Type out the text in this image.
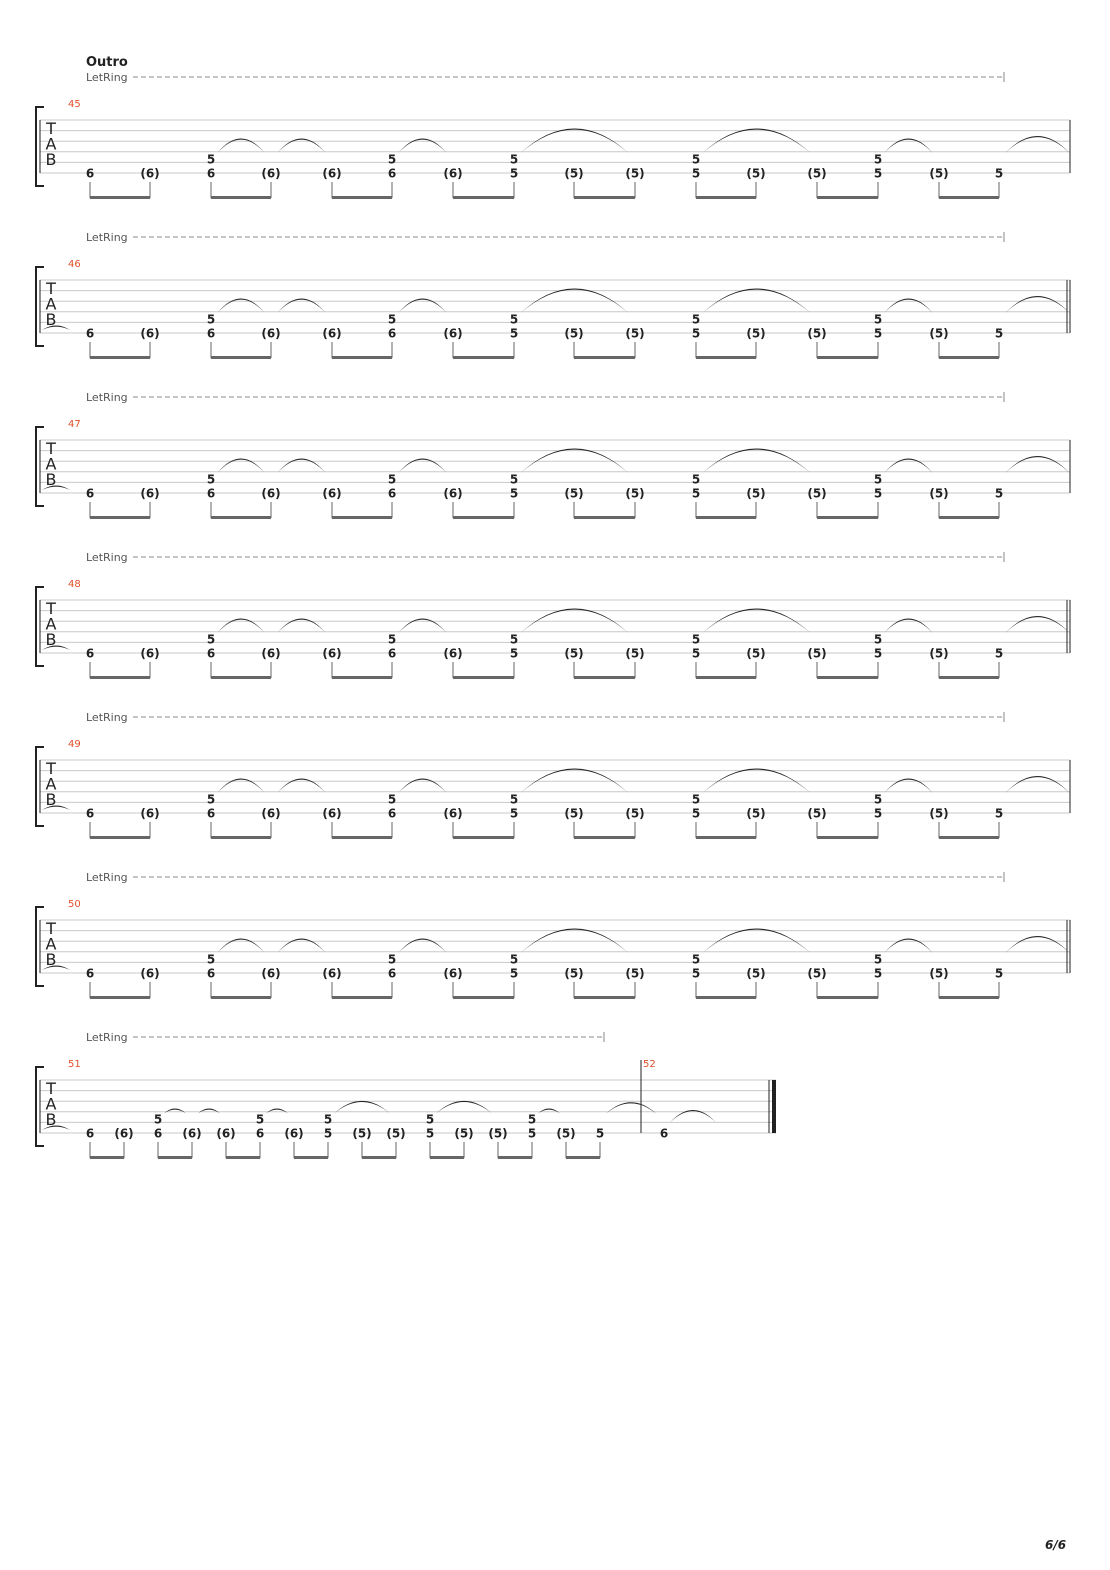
Outro
LetRing
45
T
A
B
6	(6)
5
6	(6)	(6)
5
6	(6)
5
5	(5)	(5)
5
5	(5)	(5)
5
5	(5)	5
LetRing
46
T
A
B
6	(6)
5
6	(6)	(6)
5
6	(6)
5
5	(5)	(5)
5
5	(5)	(5)
5
5	(5)	5
LetRing
47
T
A
B
6	(6)
5
6	(6)	(6)
5
6	(6)
5
5	(5)	(5)
5
5	(5)	(5)
5
5	(5)	5
LetRing
48
T
A
B
6	(6)
5
6	(6)	(6)
5
6	(6)
5
5	(5)	(5)
5
5	(5)	(5)
5
5	(5)	5
LetRing
49
T
A
B
6	(6)
5
6	(6)	(6)
5
6	(6)
5
5	(5)	(5)
5
5	(5)	(5)
5
5	(5)	5
LetRing
50
T
A
B
6	(6)
5
6	(6)	(6)
5
6	(6)
5
5	(5)	(5)
5
5	(5)	(5)
5
5	(5)	5
LetRing
51
T
A
B
6 (6)
5
6 (6) (6)
5
6 (6)
5
5 (5) (5)
5
5 (5) (5)
5
5 (5) 5
52
6
6/6
